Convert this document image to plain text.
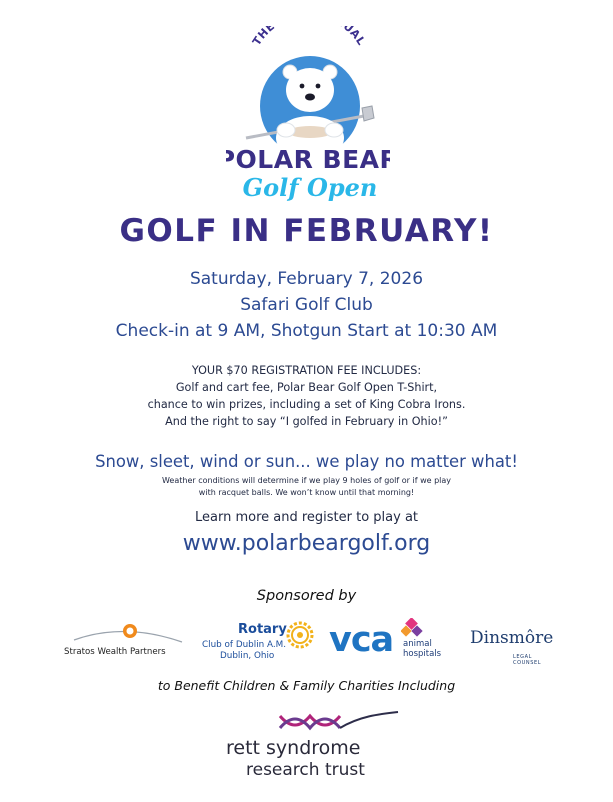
THE UAL
POLAR BEAR
Golf Open
GOLF IN FEBRUARY!
Saturday, February 7, 2026
Safari Golf Club
Check-in at 9 AM, Shotgun Start at 10:30 AM
YOUR $70 REGISTRATION FEE INCLUDES:
Golf and cart fee, Polar Bear Golf Open T-Shirt,
chance to win prizes, including a set of King Cobra Irons.
And the right to say “I golfed in February in Ohio!”
Snow, sleet, wind or sun... we play no matter what!
Weather conditions will determine if we play 9 holes of golf or if we play
with racquet balls. We won’t know until that morning!
Learn more and register to play at
www.polarbeargolf.org
Sponsored by
Stratos Wealth Partners
Rotary
Club of Dublin A.M.
Dublin, Ohio vca animal
hospitals
Dinsmôre
LEGAL COUNSEL
to Benefit Children & Family Charities Including
rett syndrome
research trust
